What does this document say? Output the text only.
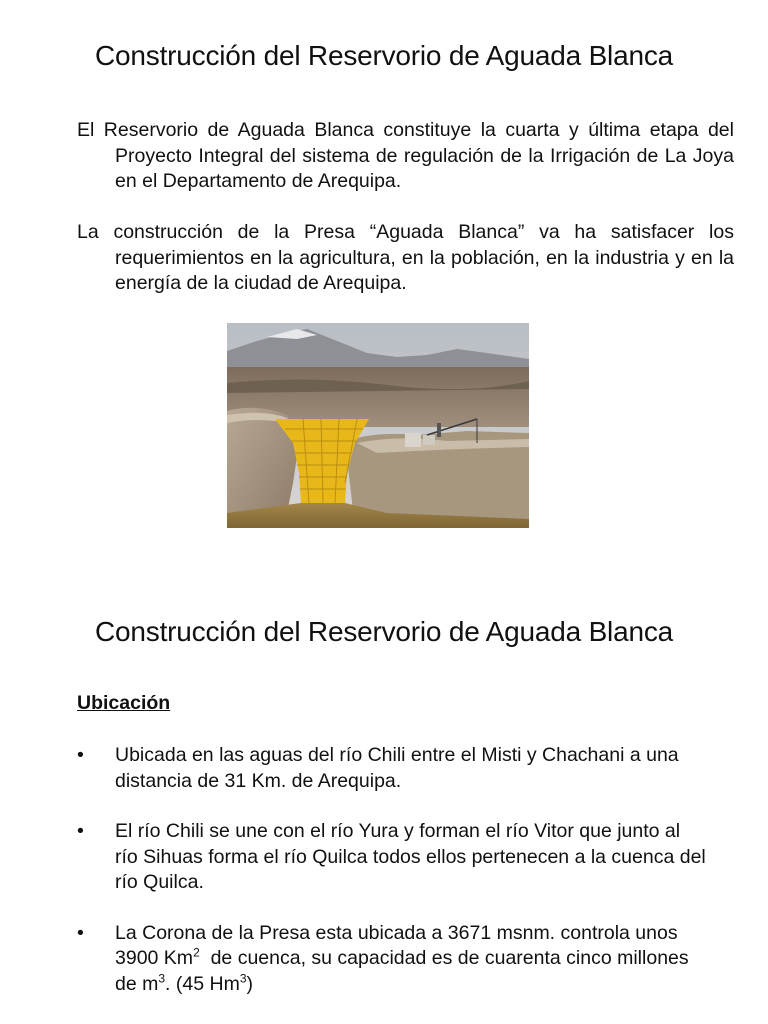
Construcción del Reservorio de Aguada Blanca

El Reservorio de Aguada Blanca constituye la cuarta y última etapa del Proyecto Integral del sistema de regulación de la Irrigación de La Joya en el Departamento de Arequipa.

La construcción de la Presa “Aguada Blanca” va ha satisfacer los requerimientos en la agricultura, en la población, en la industria y en la energía de la ciudad de Arequipa.

Construcción del Reservorio de Aguada Blanca

Ubicación

• Ubicada en las aguas del río Chili entre el Misti y Chachani a una distancia de 31 Km. de Arequipa.
• El río Chili se une con el río Yura y forman el río Vitor que junto al río Sihuas forma el río Quilca todos ellos pertenecen a la cuenca del río Quilca.
• La Corona de la Presa esta ubicada a 3671 msnm. controla unos 3900 Km$^2$  de cuenca, su capacidad es de cuarenta cinco millones de $m^3$. (45 Hm$^3$)
